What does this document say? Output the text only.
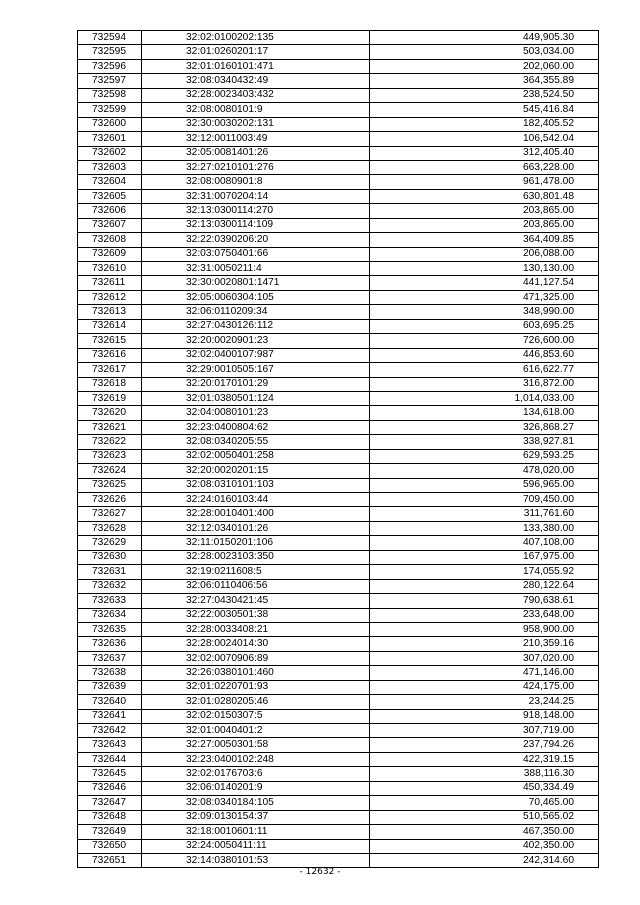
732594	32:02:0100202:135	449,905.30
732595	32:01:0260201:17	503,034.00
732596	32:01:0160101:471	202,060.00
732597	32:08:0340432:49	364,355.89
732598	32:28:0023403:432	238,524.50
732599	32:08:0080101:9	545,416.84
732600	32:30:0030202:131	182,405.52
732601	32:12:0011003:49	106,542.04
732602	32:05:0081401:26	312,405.40
732603	32:27:0210101:276	663,228.00
732604	32:08:0080901:8	961,478.00
732605	32:31:0070204:14	630,801.48
732606	32:13:0300114:270	203,865.00
732607	32:13:0300114:109	203,865.00
732608	32:22:0390206:20	364,409.85
732609	32:03:0750401:66	206,088.00
732610	32:31:0050211:4	130,130.00
732611	32:30:0020801:1471	441,127.54
732612	32:05:0060304:105	471,325.00
732613	32:06:0110209:34	348,990.00
732614	32:27:0430126:112	603,695.25
732615	32:20:0020901:23	726,600.00
732616	32:02:0400107:987	446,853.60
732617	32:29:0010505:167	616,622.77
732618	32:20:0170101:29	316,872.00
732619	32:01:0380501:124	1,014,033.00
732620	32:04:0080101:23	134,618.00
732621	32:23:0400804:62	326,868.27
732622	32:08:0340205:55	338,927.81
732623	32:02:0050401:258	629,593.25
732624	32:20:0020201:15	478,020.00
732625	32:08:0310101:103	596,965.00
732626	32:24:0160103:44	709,450.00
732627	32:28:0010401:400	311,761.60
732628	32:12:0340101:26	133,380.00
732629	32:11:0150201:106	407,108.00
732630	32:28:0023103:350	167,975.00
732631	32:19:0211608:5	174,055.92
732632	32:06:0110406:56	280,122.64
732633	32:27:0430421:45	790,638.61
732634	32:22:0030501:38	233,648.00
732635	32:28:0033408:21	958,900.00
732636	32:28:0024014:30	210,359.16
732637	32:02:0070906:89	307,020.00
732638	32:26:0380101:460	471,146.00
732639	32:01:0220701:93	424,175.00
732640	32:01:0280205:46	23,244.25
732641	32:02:0150307:5	918,148.00
732642	32:01:0040401:2	307,719.00
732643	32:27:0050301:58	237,794.26
732644	32:23:0400102:248	422,319.15
732645	32:02:0176703:6	388,116.30
732646	32:06:0140201:9	450,334.49
732647	32:08:0340184:105	70,465.00
732648	32:09:0130154:37	510,565.02
732649	32:18:0010601:11	467,350.00
732650	32:24:0050411:11	402,350.00
732651	32:14:0380101:53	242,314.60
- 12632 -
